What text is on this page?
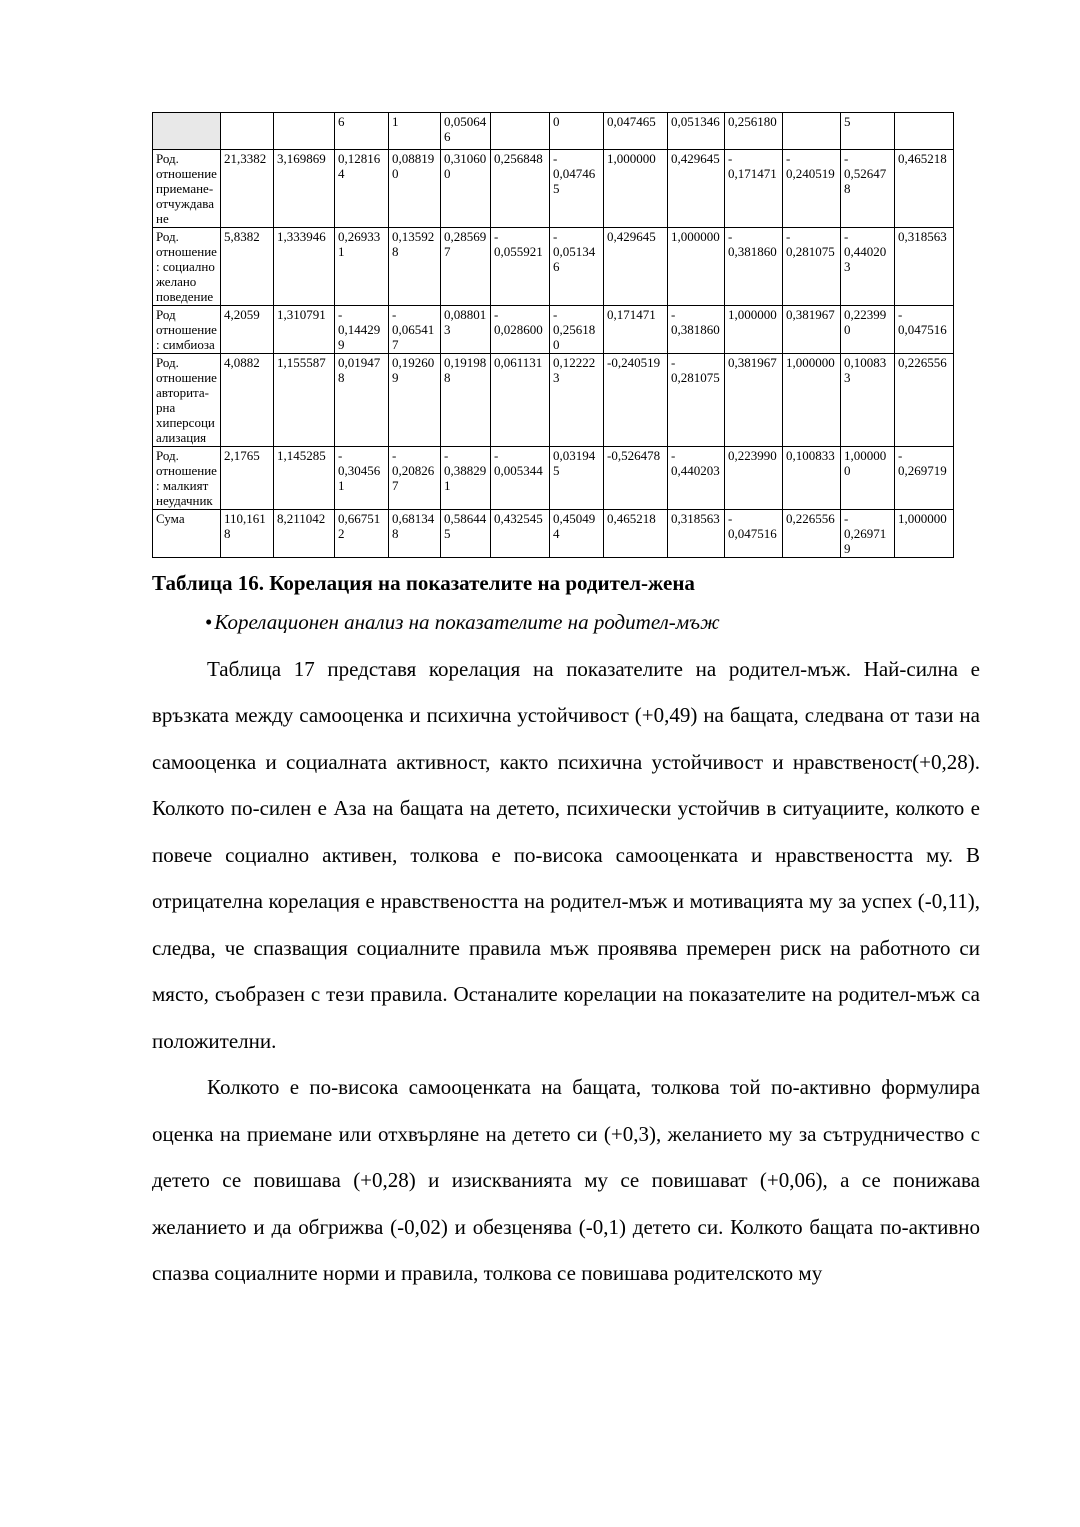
			6	1	0,050646		0	0,047465	0,051346	0,256180		5	
Род. отношение приемане-отчуждаване	21,3382	3,169869	0,128164	0,088190	0,310600	0,256848	-0,047465	1,000000	0,429645	-0,171471	-0,240519	-0,526478	0,465218
Род. отношение : социално желано поведение	5,8382	1,333946	0,269331	0,135928	0,285697	-0,055921	-0,051346	0,429645	1,000000	-0,381860	-0,281075	-0,440203	0,318563
Род отношение : симбиоза	4,2059	1,310791	-0,144299	-0,065417	0,088013	-0,028600	-0,256180	0,171471	-0,381860	1,000000	0,381967	0,223990	-0,047516
Род. отношение авторита-рна хиперсоциализация	4,0882	1,155587	0,019478	0,192609	0,191988	0,061131	0,122223	-0,240519	-0,281075	0,381967	1,000000	0,100833	0,226556
Род. отношение : малкият неудачник	2,1765	1,145285	-0,304561	-0,208267	-0,388291	-0,005344	0,031945	-0,526478	-0,440203	0,223990	0,100833	1,000000	-0,269719
Сума	110,1618	8,211042	0,667512	0,681348	0,586445	0,432545	0,450494	0,465218	0,318563	-0,047516	0,226556	-0,269719	1,000000

Таблица 16. Корелация на показателите на родител-жена

•Корелационен анализ на показателите на родител-мъж

Таблица 17 представя корелация на показателите на родител-мъж. Най-силна е връзката между самооценка и психична устойчивост (+0,49) на бащата, следвана от тази на самооценка и социалната активност, както психична устойчивост и нравственост(+0,28). Колкото по-силен е Аза на бащата на детето, психически устойчив в ситуациите, колкото е повече социално активен, толкова е по-висока самооценката и нравствеността му. В отрицателна корелация е нравствеността на родител-мъж и мотивацията му за успех (-0,11), следва, че спазващия социалните правила мъж проявява премерен риск на работното си място, съобразен с тези правила. Останалите корелации на показателите на родител-мъж са положителни.

Колкото е по-висока самооценката на бащата, толкова той по-активно формулира оценка на приемане или отхвърляне на детето си (+0,3), желанието му за сътрудничество с детето се повишава (+0,28) и изискванията му се повишават (+0,06), а се понижава желанието и да обгрижва (-0,02) и обезценява (-0,1) детето си. Колкото бащата по-активно спазва социалните норми и правила, толкова се повишава родителското му
